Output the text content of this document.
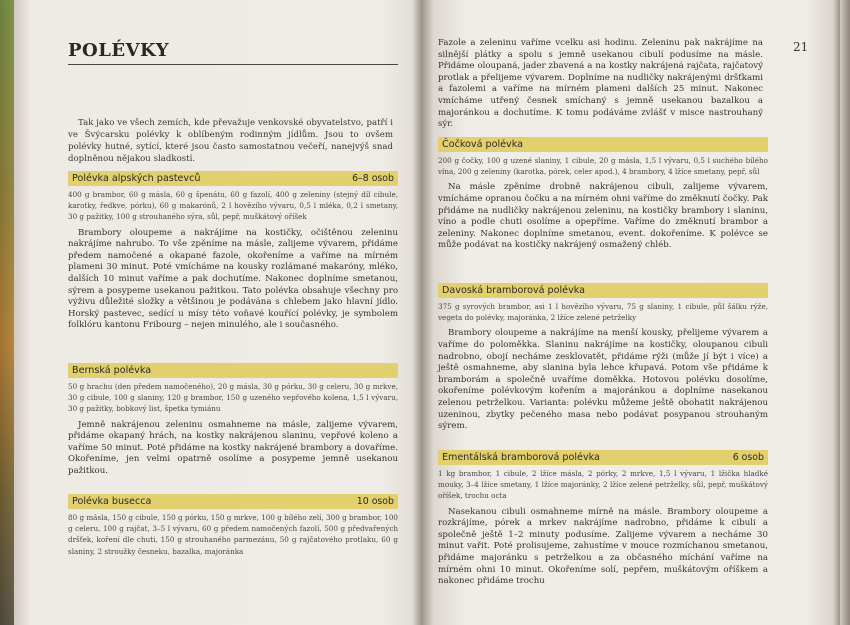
POLÉVKY
Tak jako ve všech zemích, kde převažuje venkovské obyvatelstvo, patří i ve Švýcarsku polévky k oblíbeným rodinným jídlům. Jsou to ovšem polévky hutné, sytící, které jsou často samostatnou večeří, nanejvýš snad doplněnou nějakou sladkostí.
Polévka alpských pastevců	6–8 osob
400 g brambor, 60 g másla, 60 g špenátu, 60 g fazolí, 400 g zeleniny (stejný díl cibule, karotky, ředkve, pórku), 60 g makarónů, 2 l hovězího vývaru, 0,5 l mléka, 0,2 l smetany, 30 g pažitky, 100 g strouhaného sýra, sůl, pepř, muškátový oříšek
Brambory oloupeme a nakrájíme na kostičky, očištěnou zeleninu nakrájíme nahrubo. To vše zpěníme na másle, zalijeme vývarem, přidáme předem namočené a okapané fazole, okořeníme a vaříme na mírném plameni 30 minut. Poté vmícháme na kousky rozlámané makaróny, mléko, dalších 10 minut vaříme a pak dochutíme. Nakonec doplníme smetanou, sýrem a posypeme usekanou pažitkou. Tato polévka obsahuje všechny pro výživu důležité složky a většinou je podávána s chlebem jako hlavní jídlo. Horský pastevec, sedící u mísy této voňavé kouřící polévky, je symbolem folklóru kantonu Fribourg – nejen minulého, ale i současného.
Bernská polévka
50 g hrachu (den předem namočeného), 20 g másla, 30 g pórku, 30 g celeru, 30 g mrkve, 30 g cibule, 100 g slaniny, 120 g brambor, 150 g uzeného vepřového kolena, 1,5 l vývaru, 30 g pažitky, bobkový list, špetka tymiánu
Jemně nakrájenou zeleninu osmahneme na másle, zalijeme vývarem, přidáme okapaný hrách, na kostky nakrájenou slaninu, vepřové koleno a vaříme 50 minut. Poté přidáme na kostky nakrájené brambory a dovaříme. Okořeníme, jen velmi opatrně osolíme a posypeme jemně usekanou pažitkou.
Polévka busecca	10 osob
80 g másla, 150 g cibule, 150 g pórku, 150 g mrkve, 100 g bílého zelí, 300 g brambor, 100 g celeru, 100 g rajčat, 3–5 l vývaru, 60 g předem namočených fazolí, 500 g předvařených dršťek, koření dle chuti, 150 g strouhaného parmezánu, 50 g rajčatového protlaku, 60 g slaniny, 2 stroužky česneku, bazalka, majoránka
21
Fazole a zeleninu vaříme vcelku asi hodinu. Zeleninu pak nakrájíme na silnější plátky a spolu s jemně usekanou cibulí podusíme na másle. Přidáme oloupaná, jader zbavená a na kostky nakrájená rajčata, rajčatový protlak a přelijeme vývarem. Doplníme na nudličky nakrájenými dršťkami a fazolemi a vaříme na mírném plameni dalších 25 minut. Nakonec vmícháme utřený česnek smíchaný s jemně usekanou bazalkou a majoránkou a dochutíme. K tomu podáváme zvlášť v misce nastrouhaný sýr.
Čočková polévka
200 g čočky, 100 g uzené slaniny, 1 cibule, 20 g másla, 1,5 l vývaru, 0,5 l suchého bílého vína, 200 g zeleniny (karotka, pórek, celer apod.), 4 brambory, 4 lžíce smetany, pepř, sůl
Na másle zpěníme drobně nakrájenou cibuli, zalijeme vývarem, vmícháme opranou čočku a na mírném ohni vaříme do změknutí čočky. Pak přidáme na nudličky nakrájenou zeleninu, na kostičky brambory i slaninu, víno a podle chuti osolíme a opepříme. Vaříme do změknutí brambor a zeleniny. Nakonec doplníme smetanou, event. dokořeníme. K polévce se může podávat na kostičky nakrájený osmažený chléb.
Davoská bramborová polévka
375 g syrových brambor, asi 1 l hovězího vývaru, 75 g slaniny, 1 cibule, půl šálku rýže, vegeta do polévky, majoránka, 2 lžíce zelené petrželky
Brambory oloupeme a nakrájíme na menší kousky, přelijeme vývarem a vaříme do poloměkka. Slaninu nakrájíme na kostičky, oloupanou cibuli nadrobno, obojí necháme zesklovatět, přidáme rýži (může jí být i více) a ještě osmahneme, aby slanina byla lehce křupavá. Potom vše přidáme k bramborám a společně uvaříme doměkka. Hotovou polévku dosolíme, okořeníme polévkovým kořením a majoránkou a doplníme nasekanou zelenou petrželkou. Varianta: polévku můžeme ještě obohatit nakrájenou uzeninou, zbytky pečeného masa nebo podávat posypanou strouhaným sýrem.
Ementálská bramborová polévka	6 osob
1 kg brambor, 1 cibule, 2 lžíce másla, 2 pórky, 2 mrkve, 1,5 l vývaru, 1 lžička hladké mouky, 3–4 lžíce smetany, 1 lžíce majoránky, 2 lžíce zelené petrželky, sůl, pepř, muškátový oříšek, trochu octa
Nasekanou cibuli osmahneme mírně na másle. Brambory oloupeme a rozkrájíme, pórek a mrkev nakrájíme nadrobno, přidáme k cibuli a společně ještě 1–2 minuty podusíme. Zalijeme vývarem a necháme 30 minut vařit. Poté prolisujeme, zahustíme v moucе rozmíchanou smetanou, přidáme majoránku s petrželkou a za občasného míchání vaříme na mírném ohni 10 minut. Okořeníme solí, pepřem, muškátovým oříškem a nakonec přidáme trochu
